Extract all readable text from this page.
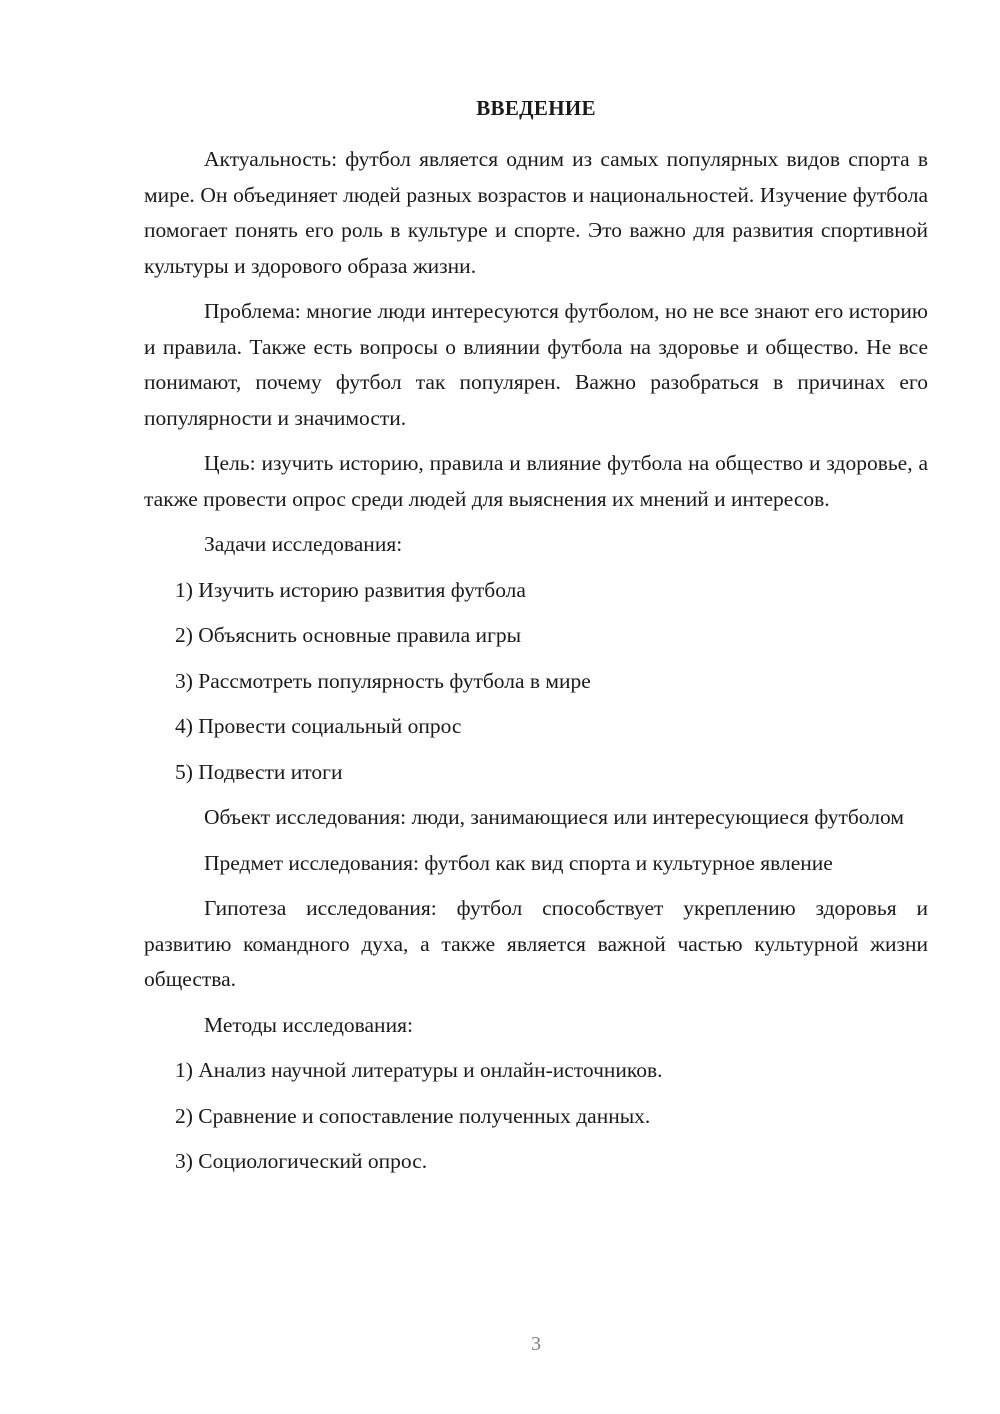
ВВЕДЕНИЕ

Актуальность: футбол является одним из самых популярных видов спорта в мире. Он объединяет людей разных возрастов и национальностей. Изучение футбола помогает понять его роль в культуре и спорте. Это важно для развития спортивной культуры и здорового образа жизни.

Проблема: многие люди интересуются футболом, но не все знают его историю и правила. Также есть вопросы о влиянии футбола на здоровье и общество. Не все понимают, почему футбол так популярен. Важно разобраться в причинах его популярности и значимости.

Цель: изучить историю, правила и влияние футбола на общество и здоровье, а также провести опрос среди людей для выяснения их мнений и интересов.

Задачи исследования:

1) Изучить историю развития футбола

2) Объяснить основные правила игры

3) Рассмотреть популярность футбола в мире

4) Провести социальный опрос

5) Подвести итоги

Объект исследования: люди, занимающиеся или интересующиеся футболом

Предмет исследования: футбол как вид спорта и культурное явление

Гипотеза исследования: футбол способствует укреплению здоровья и развитию командного духа, а также является важной частью культурной жизни общества.

Методы исследования:

1) Анализ научной литературы и онлайн-источников.

2) Сравнение и сопоставление полученных данных.

3) Социологический опрос.

3
